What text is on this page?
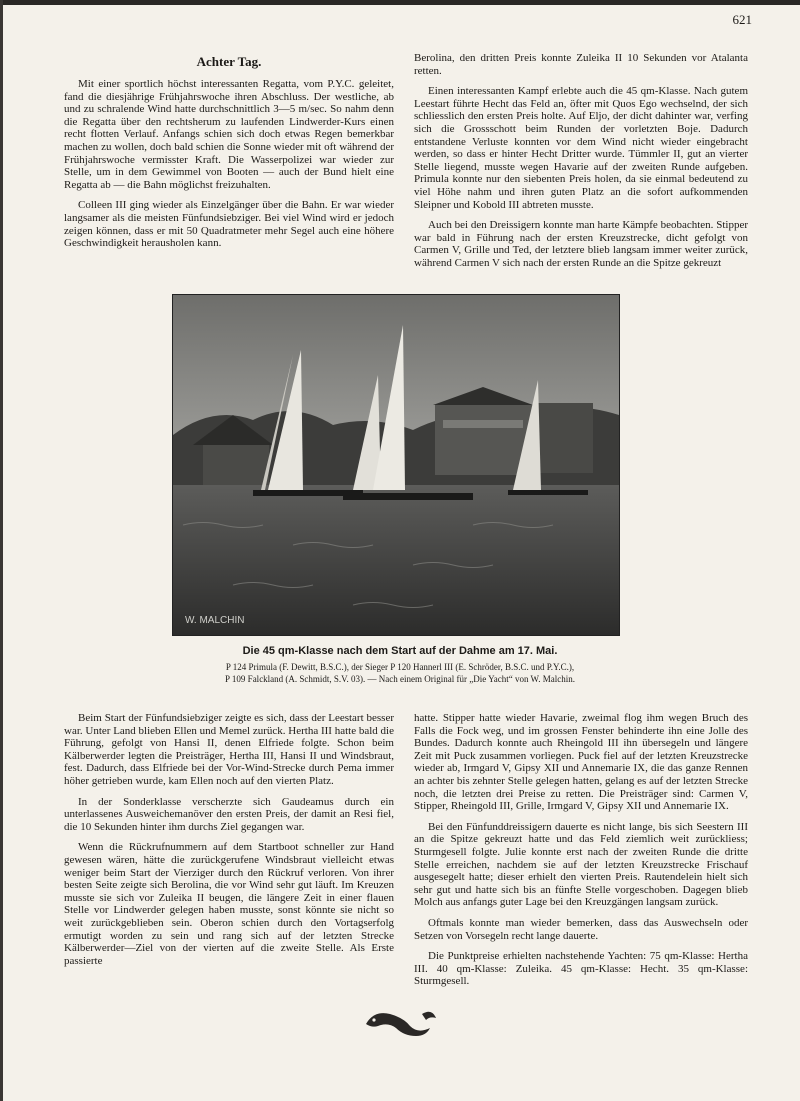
621
Achter Tag.

Mit einer sportlich höchst interessanten Regatta, vom P.Y.C. geleitet, fand die diesjährige Frühjahrswoche ihren Abschluss. Der westliche, ab und zu schralende Wind hatte durchschnittlich 3—5 m/sec. So nahm denn die Regatta über den rechtsherum zu laufenden Lindwerder-Kurs einen recht flotten Verlauf. Anfangs schien sich doch etwas Regen bemerkbar machen zu wollen, doch bald schien die Sonne wieder mit oft während der Frühjahrswoche vermisster Kraft. Die Wasserpolizei war wieder zur Stelle, um in dem Gewimmel von Booten — auch der Bund hielt eine Regatta ab — die Bahn möglichst freizuhalten.

Colleen III ging wieder als Einzelgänger über die Bahn. Er war wieder langsamer als die meisten Fünfundsiebziger. Bei viel Wind wird er jedoch zeigen können, dass er mit 50 Quadratmeter mehr Segel auch eine höhere Geschwindigkeit herausholen kann.

Berolina, den dritten Preis konnte Zuleika II 10 Sekunden vor Atalanta retten.

Einen interessanten Kampf erlebte auch die 45 qm-Klasse. Nach gutem Leestart führte Hecht das Feld an, öfter mit Quos Ego wechselnd, der sich schliesslich den ersten Preis holte. Auf Eljo, der dicht dahinter war, verfing sich die Grossschott beim Runden der vorletzten Boje. Dadurch entstandene Verluste konnten vor dem Wind nicht wieder eingebracht werden, so dass er hinter Hecht Dritter wurde. Tümmler II, gut an vierter Stelle liegend, musste wegen Havarie auf der zweiten Runde aufgeben. Primula konnte nur den siebenten Preis holen, da sie einmal bedeutend zu viel Höhe nahm und ihren guten Platz an die sofort aufkommenden Sleipner und Kobold III abtreten musste.

Auch bei den Dreissigern konnte man harte Kämpfe beobachten. Stipper war bald in Führung nach der ersten Kreuzstrecke, dicht gefolgt von Carmen V, Grille und Ted, der letztere blieb langsam immer weiter zurück, während Carmen V sich nach der ersten Runde an die Spitze gekreuzt

W. MALCHIN
Die 45 qm-Klasse nach dem Start auf der Dahme am 17. Mai.
P 124 Primula (F. Dewitt, B.S.C.), der Sieger P 120 Hannerl III (E. Schröder, B.S.C. und P.Y.C.),
P 109 Falckland (A. Schmidt, S.V. 03). — Nach einem Original für „Die Yacht“ von W. Malchin.

Beim Start der Fünfundsiebziger zeigte es sich, dass der Leestart besser war. Unter Land blieben Ellen und Memel zurück. Hertha III hatte bald die Führung, gefolgt von Hansi II, denen Elfriede folgte. Schon beim Kälberwerder legten die Preisträger, Hertha III, Hansi II und Windsbraut, fest. Dadurch, dass Elfriede bei der Vor-Wind-Strecke durch Pema immer höher getrieben wurde, kam Ellen noch auf den vierten Platz.

In der Sonderklasse verscherzte sich Gaudeamus durch ein unterlassenes Ausweichemanöver den ersten Preis, der damit an Resi fiel, die 10 Sekunden hinter ihm durchs Ziel gegangen war.

Wenn die Rückrufnummern auf dem Startboot schneller zur Hand gewesen wären, hätte die zurückgerufene Windsbraut vielleicht etwas weniger beim Start der Vierziger durch den Rückruf verloren. Von ihrer besten Seite zeigte sich Berolina, die vor Wind sehr gut läuft. Im Kreuzen musste sie sich vor Zuleika II beugen, die längere Zeit in einer flauen Stelle vor Lindwerder gelegen haben musste, sonst könnte sie nicht so weit zurückgeblieben sein. Oberon schien durch den Vortagserfolg ermutigt worden zu sein und rang sich auf der letzten Strecke Kälberwerder—Ziel von der vierten auf die zweite Stelle. Als Erste passierte

hatte. Stipper hatte wieder Havarie, zweimal flog ihm wegen Bruch des Falls die Fock weg, und im grossen Fenster behinderte ihn eine Jolle des Bundes. Dadurch konnte auch Rheingold III ihn übersegeln und längere Zeit mit Puck zusammen vorliegen. Puck fiel auf der letzten Kreuzstrecke wieder ab, Irmgard V, Gipsy XII und Annemarie IX, die das ganze Rennen an achter bis zehnter Stelle gelegen hatten, gelang es auf der letzten Strecke noch, die letzten drei Preise zu retten. Die Preisträger sind: Carmen V, Stipper, Rheingold III, Grille, Irmgard V, Gipsy XII und Annemarie IX.

Bei den Fünfunddreissigern dauerte es nicht lange, bis sich Seestern III an die Spitze gekreuzt hatte und das Feld ziemlich weit zurückliess; Sturmgesell folgte. Julie konnte erst nach der zweiten Runde die dritte Stelle erreichen, nachdem sie auf der letzten Kreuzstrecke Frischauf ausgesegelt hatte; dieser erhielt den vierten Preis. Rautendelein hielt sich sehr gut und hatte sich bis an fünfte Stelle vorgeschoben. Dagegen blieb Molch aus anfangs guter Lage bei den Kreuzgängen langsam zurück.

Oftmals konnte man wieder bemerken, dass das Auswechseln oder Setzen von Vorsegeln recht lange dauerte.

Die Punktpreise erhielten nachstehende Yachten: 75 qm-Klasse: Hertha III. 40 qm-Klasse: Zuleika. 45 qm-Klasse: Hecht. 35 qm-Klasse: Sturmgesell.
